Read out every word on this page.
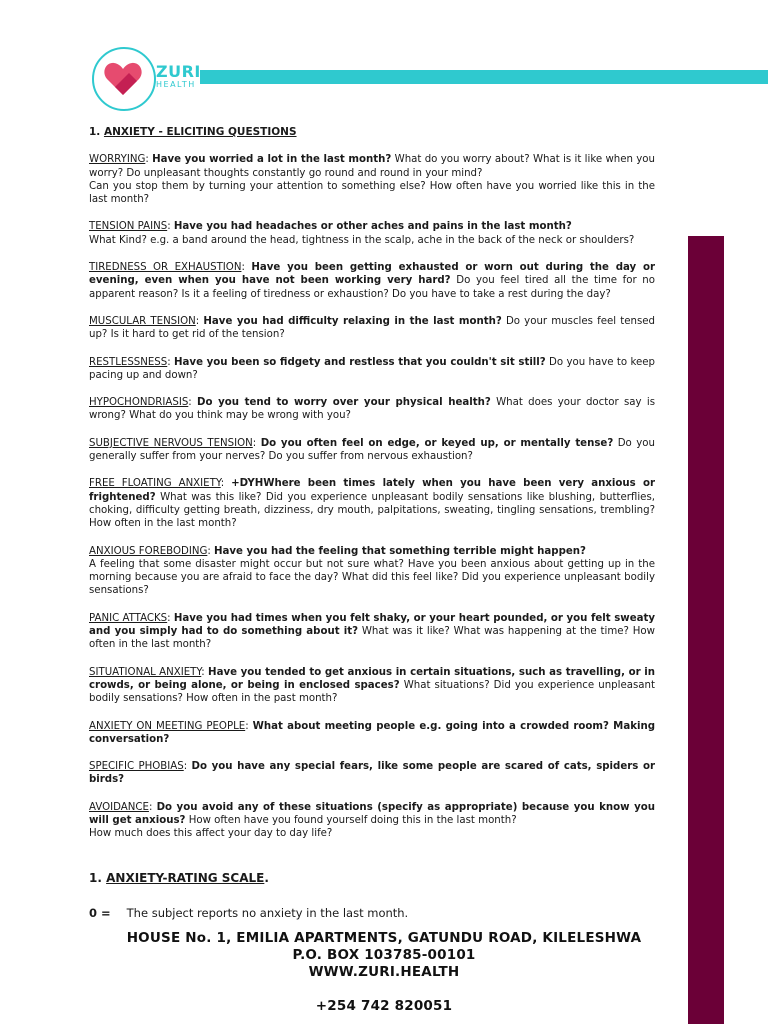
ZURI
HEALTH
1. ANXIETY - ELICITING QUESTIONS
WORRYING: Have you worried a lot in the last month? What do you worry about? What is it like when you worry? Do unpleasant thoughts constantly go round and round in your mind?
Can you stop them by turning your attention to something else? How often have you worried like this in the last month?
TENSION PAINS: Have you had headaches or other aches and pains in the last month?
What Kind? e.g. a band around the head, tightness in the scalp, ache in the back of the neck or shoulders?
TIREDNESS OR EXHAUSTION: Have you been getting exhausted or worn out during the day or evening, even when you have not been working very hard? Do you feel tired all the time for no apparent reason? Is it a feeling of tiredness or exhaustion? Do you have to take a rest during the day?
MUSCULAR TENSION: Have you had difficulty relaxing in the last month? Do your muscles feel tensed up? Is it hard to get rid of the tension?
RESTLESSNESS: Have you been so fidgety and restless that you couldn't sit still? Do you have to keep pacing up and down?
HYPOCHONDRIASIS: Do you tend to worry over your physical health? What does your doctor say is wrong? What do you think may be wrong with you?
SUBJECTIVE NERVOUS TENSION: Do you often feel on edge, or keyed up, or mentally tense? Do you generally suffer from your nerves? Do you suffer from nervous exhaustion?
FREE FLOATING ANXIETY: +DYHWhere been times lately when you have been very anxious or frightened? What was this like? Did you experience unpleasant bodily sensations like blushing, butterflies, choking, difficulty getting breath, dizziness, dry mouth, palpitations, sweating, tingling sensations, trembling? How often in the last month?
ANXIOUS FOREBODING: Have you had the feeling that something terrible might happen?
A feeling that some disaster might occur but not sure what? Have you been anxious about getting up in the morning because you are afraid to face the day? What did this feel like? Did you experience unpleasant bodily sensations?
PANIC ATTACKS: Have you had times when you felt shaky, or your heart pounded, or you felt sweaty and you simply had to do something about it? What was it like? What was happening at the time? How often in the last month?
SITUATIONAL ANXIETY: Have you tended to get anxious in certain situations, such as travelling, or in crowds, or being alone, or being in enclosed spaces? What situations? Did you experience unpleasant bodily sensations? How often in the past month?
ANXIETY ON MEETING PEOPLE: What about meeting people e.g. going into a crowded room? Making conversation?
SPECIFIC PHOBIAS: Do you have any special fears, like some people are scared of cats, spiders or birds?
AVOIDANCE: Do you avoid any of these situations (specify as appropriate) because you know you will get anxious? How often have you found yourself doing this in the last month?
How much does this affect your day to day life?
1. ANXIETY-RATING SCALE.
0 = The subject reports no anxiety in the last month.
HOUSE No. 1, EMILIA APARTMENTS, GATUNDU ROAD, KILELESHWA
P.O. BOX 103785-00101
WWW.ZURI.HEALTH
+254 742 820051
